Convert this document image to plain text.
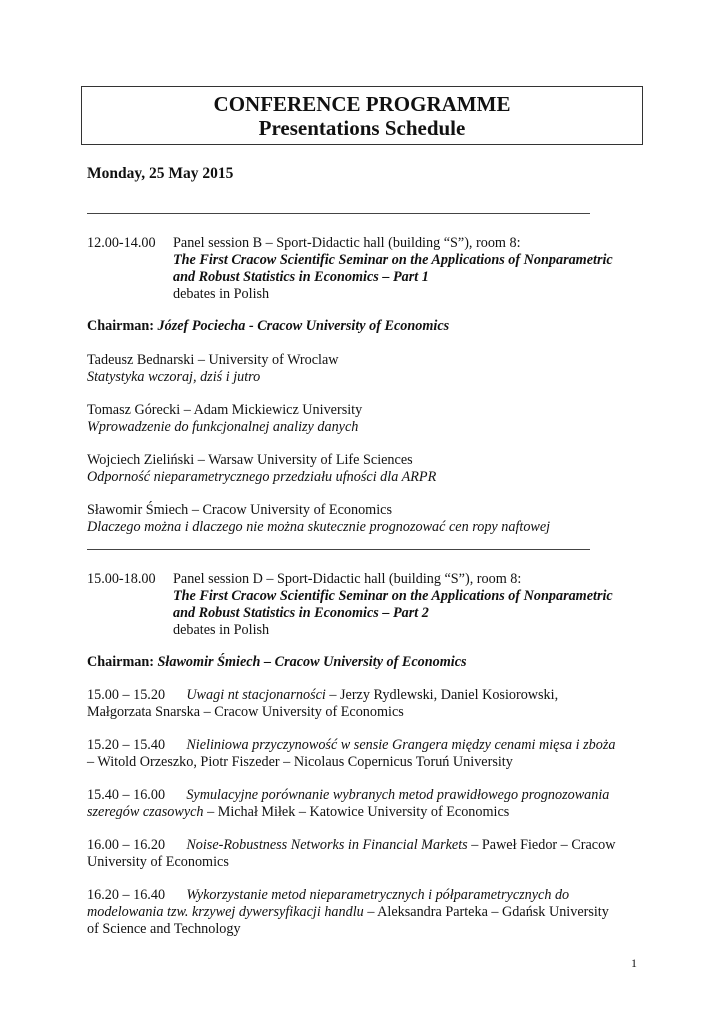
CONFERENCE PROGRAMME
Presentations Schedule
Monday, 25 May 2015
12.00-14.00 Panel session B – Sport-Didactic hall (building “S”), room 8:
The First Cracow Scientific Seminar on the Applications of Nonparametric
and Robust Statistics in Economics – Part 1
debates in Polish
Chairman: Józef Pociecha - Cracow University of Economics
Tadeusz Bednarski – University of Wroclaw
Statystyka wczoraj, dziś i jutro
Tomasz Górecki – Adam Mickiewicz University
Wprowadzenie do funkcjonalnej analizy danych
Wojciech Zieliński – Warsaw University of Life Sciences
Odporność nieparametrycznego przedziału ufności dla ARPR
Sławomir Śmiech – Cracow University of Economics
Dlaczego można i dlaczego nie można skutecznie prognozować cen ropy naftowej
15.00-18.00 Panel session D – Sport-Didactic hall (building “S”), room 8:
The First Cracow Scientific Seminar on the Applications of Nonparametric
and Robust Statistics in Economics – Part 2
debates in Polish
Chairman: Sławomir Śmiech – Cracow University of Economics
15.00 – 15.20 Uwagi nt stacjonarności – Jerzy Rydlewski, Daniel Kosiorowski,
Małgorzata Snarska – Cracow University of Economics
15.20 – 15.40 Nieliniowa przyczynowość w sensie Grangera między cenami mięsa i zboża
– Witold Orzeszko, Piotr Fiszeder – Nicolaus Copernicus Toruń University
15.40 – 16.00 Symulacyjne porównanie wybranych metod prawidłowego prognozowania
szeregów czasowych – Michał Miłek – Katowice University of Economics
16.00 – 16.20 Noise-Robustness Networks in Financial Markets – Paweł Fiedor – Cracow
University of Economics
16.20 – 16.40 Wykorzystanie metod nieparametrycznych i półparametrycznych do
modelowania tzw. krzywej dywersyfikacji handlu – Aleksandra Parteka – Gdańsk University
of Science and Technology
1
